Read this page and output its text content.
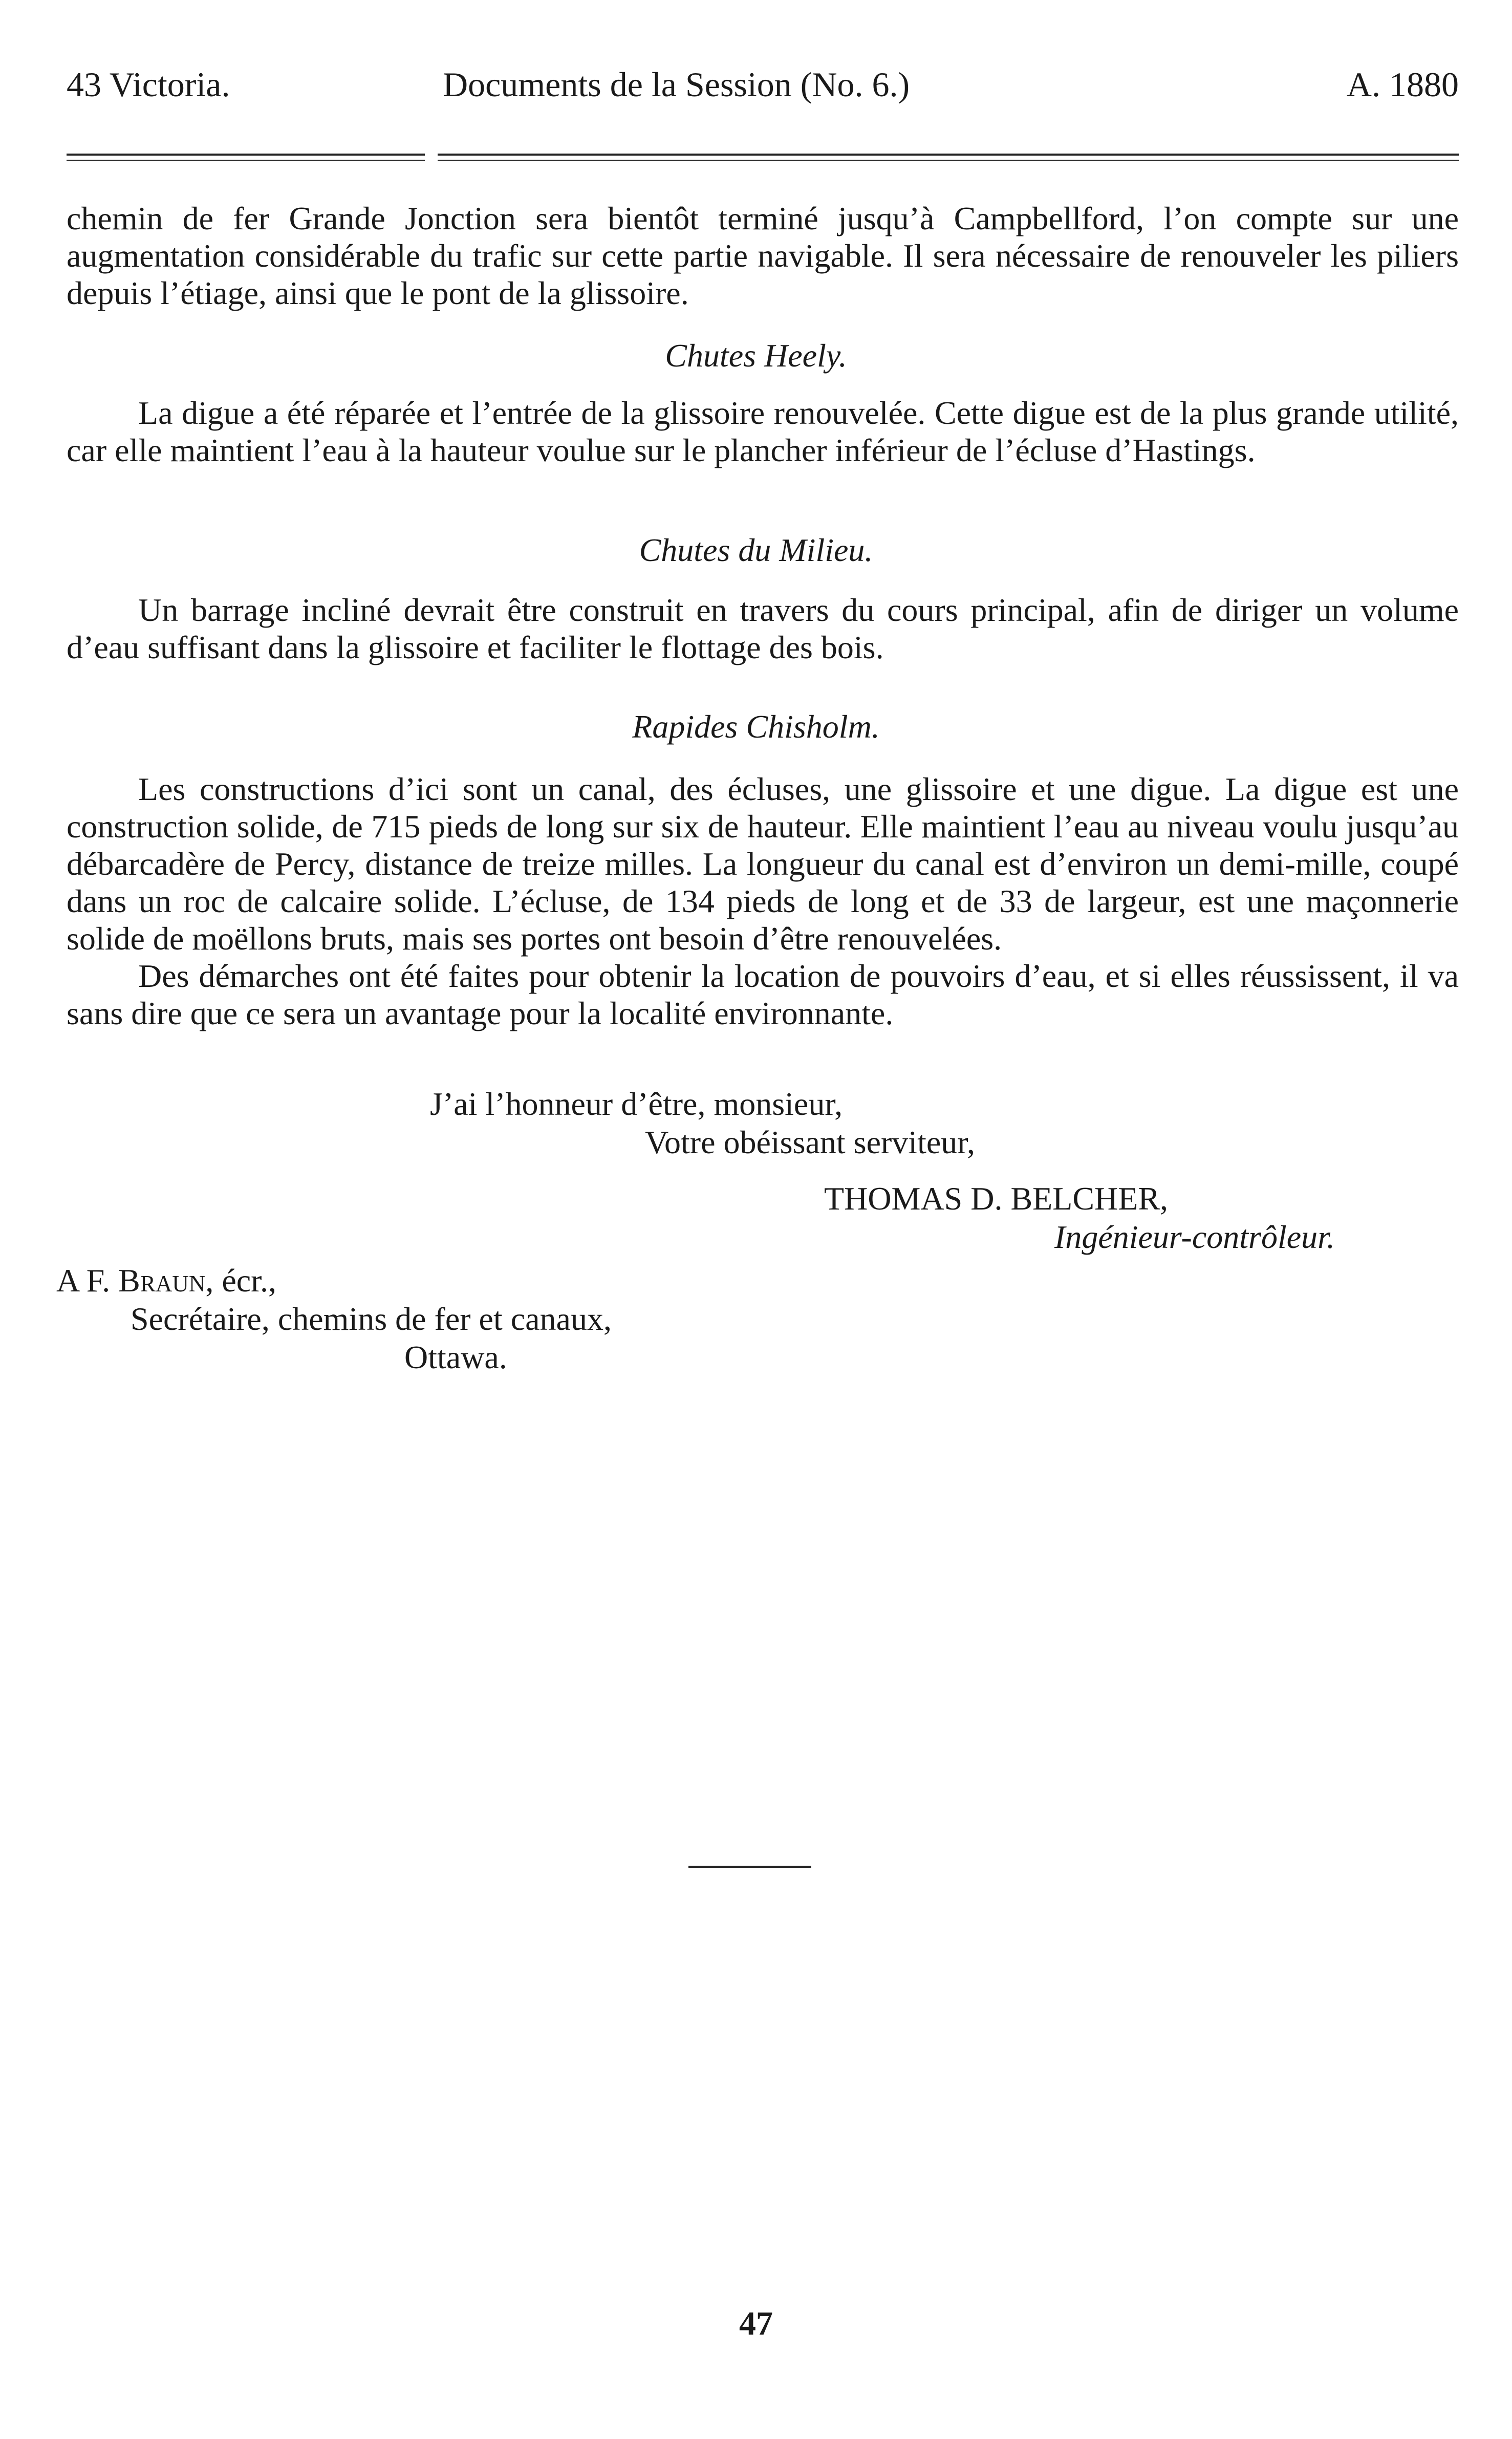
43 Victoria.	Documents de la Session (No. 6.)	A. 1880

chemin de fer Grande Jonction sera bientôt terminé jusqu’à Campbellford, l’on compte sur une augmentation considérable du trafic sur cette partie navigable. Il sera nécessaire de renouveler les piliers depuis l’étiage, ainsi que le pont de la glissoire.

Chutes Heely.

La digue a été réparée et l’entrée de la glissoire renouvelée. Cette digue est de la plus grande utilité, car elle maintient l’eau à la hauteur voulue sur le plancher inférieur de l’écluse d’Hastings.

Chutes du Milieu.

Un barrage incliné devrait être construit en travers du cours principal, afin de diriger un volume d’eau suffisant dans la glissoire et faciliter le flottage des bois.

Rapides Chisholm.

Les constructions d’ici sont un canal, des écluses, une glissoire et une digue. La digue est une construction solide, de 715 pieds de long sur six de hauteur. Elle maintient l’eau au niveau voulu jusqu’au débarcadère de Percy, distance de treize milles. La longueur du canal est d’environ un demi-mille, coupé dans un roc de calcaire solide. L’écluse, de 134 pieds de long et de 33 de largeur, est une maçonnerie solide de moëllons bruts, mais ses portes ont besoin d’être renouvelées.

Des démarches ont été faites pour obtenir la location de pouvoirs d’eau, et si elles réussissent, il va sans dire que ce sera un avantage pour la localité environnante.

J’ai l’honneur d’être, monsieur,
Votre obéissant serviteur,
THOMAS D. BELCHER,
Ingénieur-contrôleur.
A F. Braun, écr.,
Secrétaire, chemins de fer et canaux,
Ottawa.
47
